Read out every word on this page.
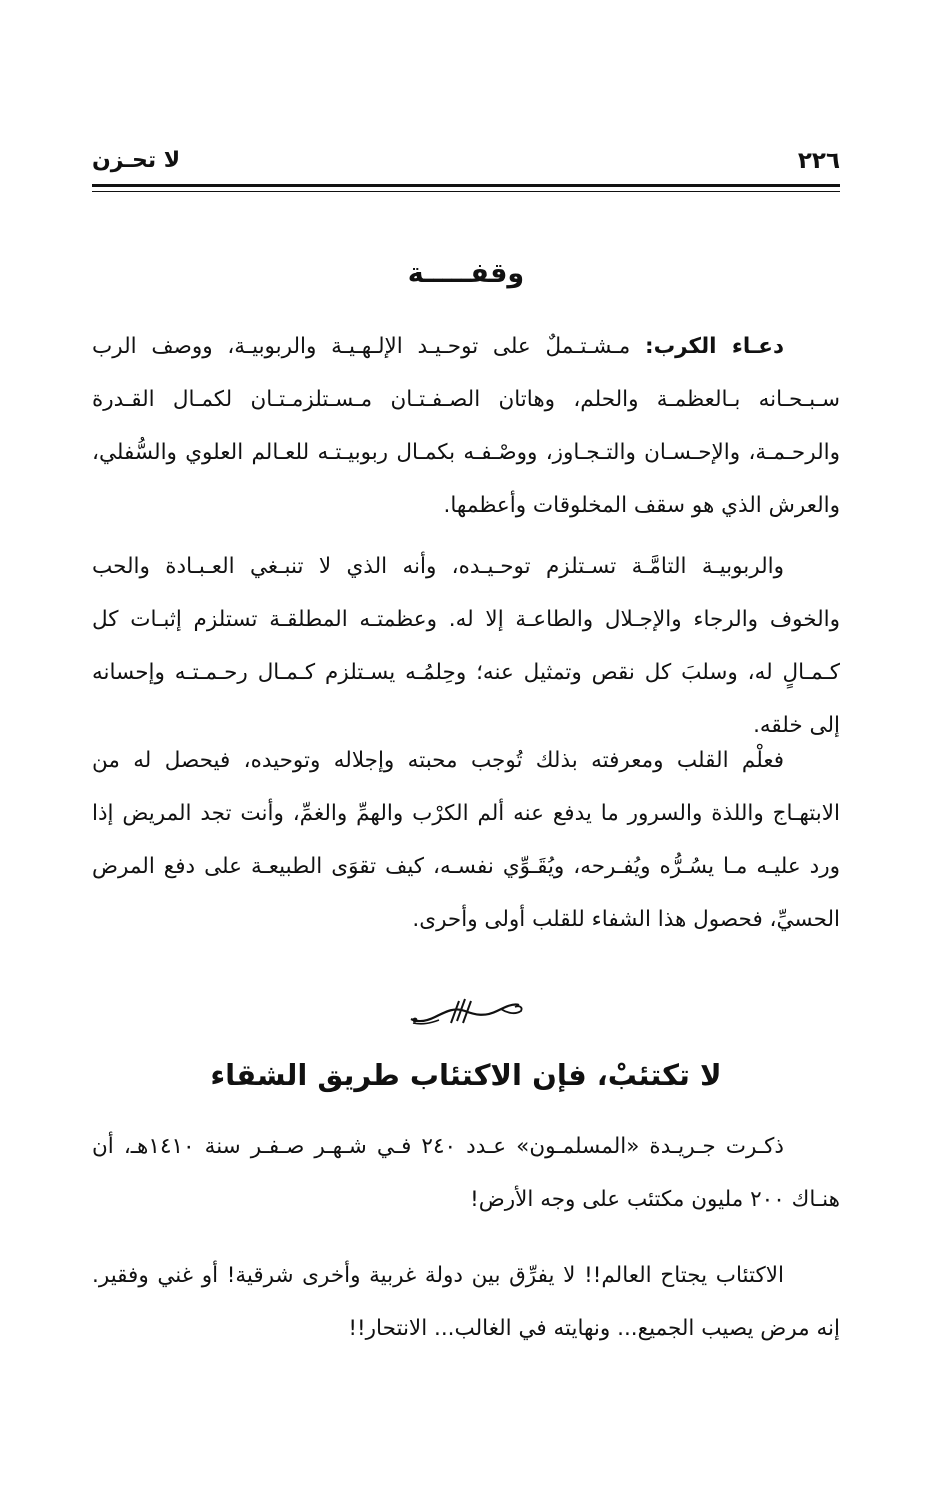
٢٢٦
لا تحـزن
وقفـــــة

دعـاء الكرب: مـشـتـملٌ على توحـيـد الإلـهـيـة والربوبيـة، ووصف الرب سـبـحـانه بـالعظمـة والحلم، وهاتان الصـفـتـان مـسـتلزمـتـان لكمـال القـدرة والرحـمـة، والإحـسـان والتـجـاوز، ووصْـفـه بكمـال ربوبيـتـه للعـالم العلوي والسُّفلي، والعرش الذي هو سقف المخلوقات وأعظمها.

والربوبيـة التامَّـة تسـتلزم توحـيـده، وأنه الذي لا تنبـغي العـبـادة والحب والخوف والرجاء والإجـلال والطاعـة إلا له. وعظمتـه المطلقـة تستلزم إثبـات كل كـمـالٍ له، وسلبَ كل نقص وتمثيل عنه؛ وحِلمُـه يسـتلزم كـمـال رحـمـتـه وإحسانه إلى خلقه.

فعلْم القلب ومعرفته بذلك تُوجب محبته وإجلاله وتوحيده، فيحصل له من الابتهـاج واللذة والسرور ما يدفع عنه ألم الكرْب والهمِّ والغمِّ، وأنت تجد المريض إذا ورد عليـه مـا يسُـرُّه ويُفـرحه، ويُقَـوِّي نفسـه، كيف تقوَى الطبيعـة على دفع المرض الحسيِّ، فحصول هذا الشفاء للقلب أولى وأحرى.

لا تكتئبْ، فإن الاكتئاب طريق الشقاء

ذكـرت جـريـدة «المسلمـون» عـدد ٢٤٠ فـي شـهـر صـفـر سنة ١٤١٠هـ، أن هنـاك ٢٠٠ مليون مكتئب على وجه الأرض!

الاكتئاب يجتاح العالم!! لا يفرِّق بين دولة غربية وأخرى شرقية! أو غني وفقير. إنه مرض يصيب الجميع... ونهايته في الغالب... الانتحار!!
